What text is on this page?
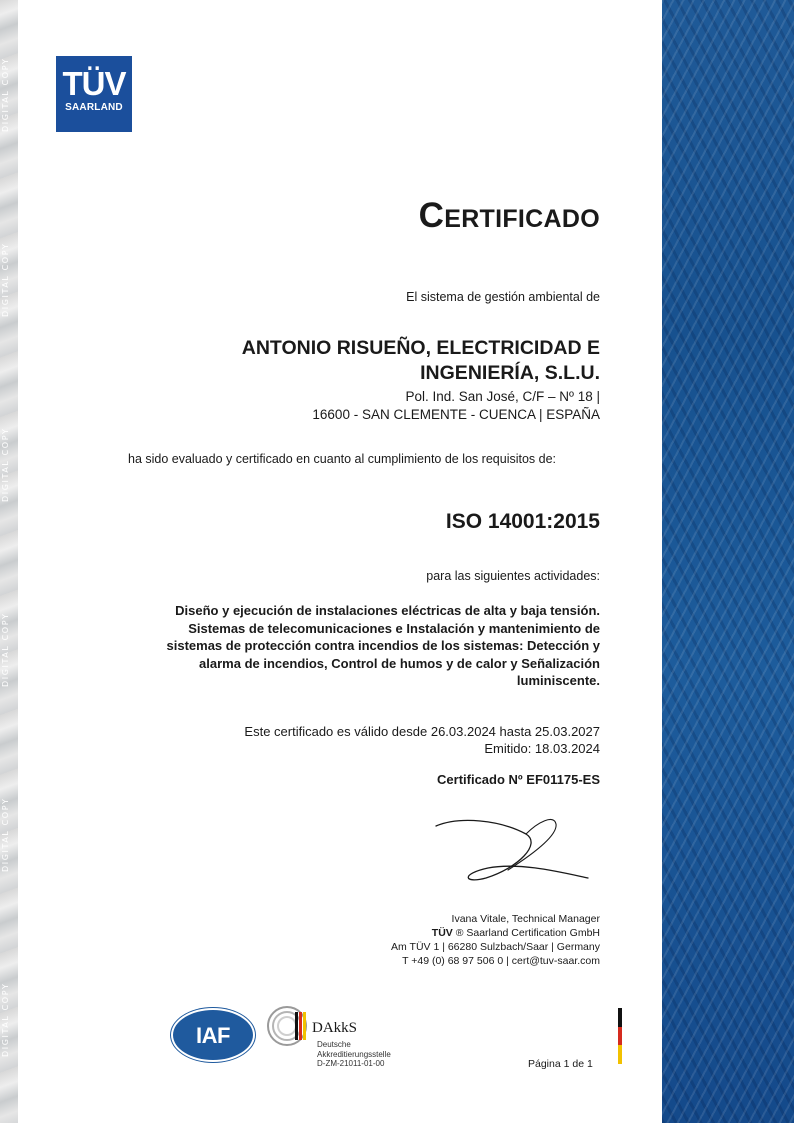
DIGITAL COPY
DIGITAL COPY
DIGITAL COPY
DIGITAL COPY
DIGITAL COPY
DIGITAL COPY
TÜV
SAARLAND
Certificado
El sistema de gestión ambiental de
ANTONIO RISUEÑO, ELECTRICIDAD E INGENIERÍA, S.L.U.
Pol. Ind. San José, C/F – Nº 18 |
16600 - SAN CLEMENTE - CUENCA | ESPAÑA
ha sido evaluado y certificado en cuanto al cumplimiento de los requisitos de:
ISO 14001:2015
para las siguientes actividades:
Diseño y ejecución de instalaciones eléctricas de alta y baja tensión. Sistemas de telecomunicaciones e Instalación y mantenimiento de sistemas de protección contra incendios de los sistemas: Detección y alarma de incendios, Control de humos y de calor y Señalización luminiscente.
Este certificado es válido desde 26.03.2024 hasta 25.03.2027
Emitido: 18.03.2024
Certificado Nº EF01175-ES
Ivana Vitale, Technical Manager
TÜV ® Saarland Certification GmbH
Am TÜV 1 | 66280 Sulzbach/Saar | Germany
T +49 (0) 68 97 506 0 | cert@tuv-saar.com
IAF	DAkkS
Deutsche
Akkreditierungsstelle
D-ZM-21011-01-00	Página 1 de 1
